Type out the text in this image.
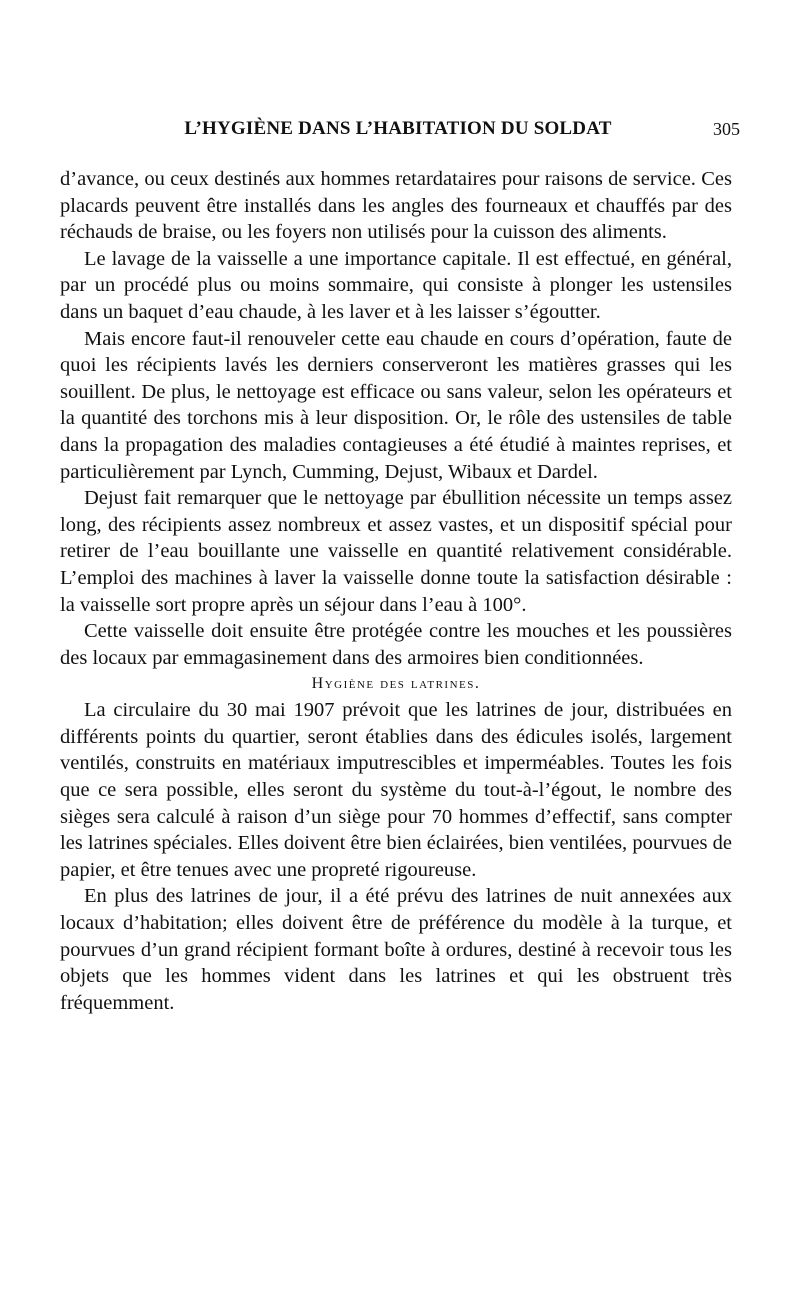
L’HYGIÈNE DANS L’HABITATION DU SOLDAT	305

d’avance, ou ceux destinés aux hommes retardataires pour raisons de service. Ces placards peuvent être installés dans les angles des fourneaux et chauffés par des réchauds de braise, ou les foyers non utilisés pour la cuisson des aliments.

Le lavage de la vaisselle a une importance capitale. Il est effectué, en général, par un procédé plus ou moins sommaire, qui consiste à plonger les ustensiles dans un baquet d’eau chaude, à les laver et à les laisser s’égoutter.

Mais encore faut-il renouveler cette eau chaude en cours d’opération, faute de quoi les récipients lavés les derniers conserveront les matières grasses qui les souillent. De plus, le nettoyage est efficace ou sans valeur, selon les opérateurs et la quantité des torchons mis à leur disposition. Or, le rôle des ustensiles de table dans la propagation des maladies contagieuses a été étudié à maintes reprises, et particulièrement par Lynch, Cumming, Dejust, Wibaux et Dardel.

Dejust fait remarquer que le nettoyage par ébullition nécessite un temps assez long, des récipients assez nombreux et assez vastes, et un dispositif spécial pour retirer de l’eau bouillante une vaisselle en quantité relativement considérable. L’emploi des machines à laver la vaisselle donne toute la satisfaction désirable : la vaisselle sort propre après un séjour dans l’eau à 100°.

Cette vaisselle doit ensuite être protégée contre les mouches et les poussières des locaux par emmagasinement dans des armoires bien conditionnées.

Hygiène des latrines.

La circulaire du 30 mai 1907 prévoit que les latrines de jour, distribuées en différents points du quartier, seront établies dans des édicules isolés, largement ventilés, construits en matériaux imputrescibles et imperméables. Toutes les fois que ce sera possible, elles seront du système du tout-à-l’égout, le nombre des sièges sera calculé à raison d’un siège pour 70 hommes d’effectif, sans compter les latrines spéciales. Elles doivent être bien éclairées, bien ventilées, pourvues de papier, et être tenues avec une propreté rigoureuse.

En plus des latrines de jour, il a été prévu des latrines de nuit annexées aux locaux d’habitation; elles doivent être de préférence du modèle à la turque, et pourvues d’un grand récipient formant boîte à ordures, destiné à recevoir tous les objets que les hommes vident dans les latrines et qui les obstruent très fréquemment.
